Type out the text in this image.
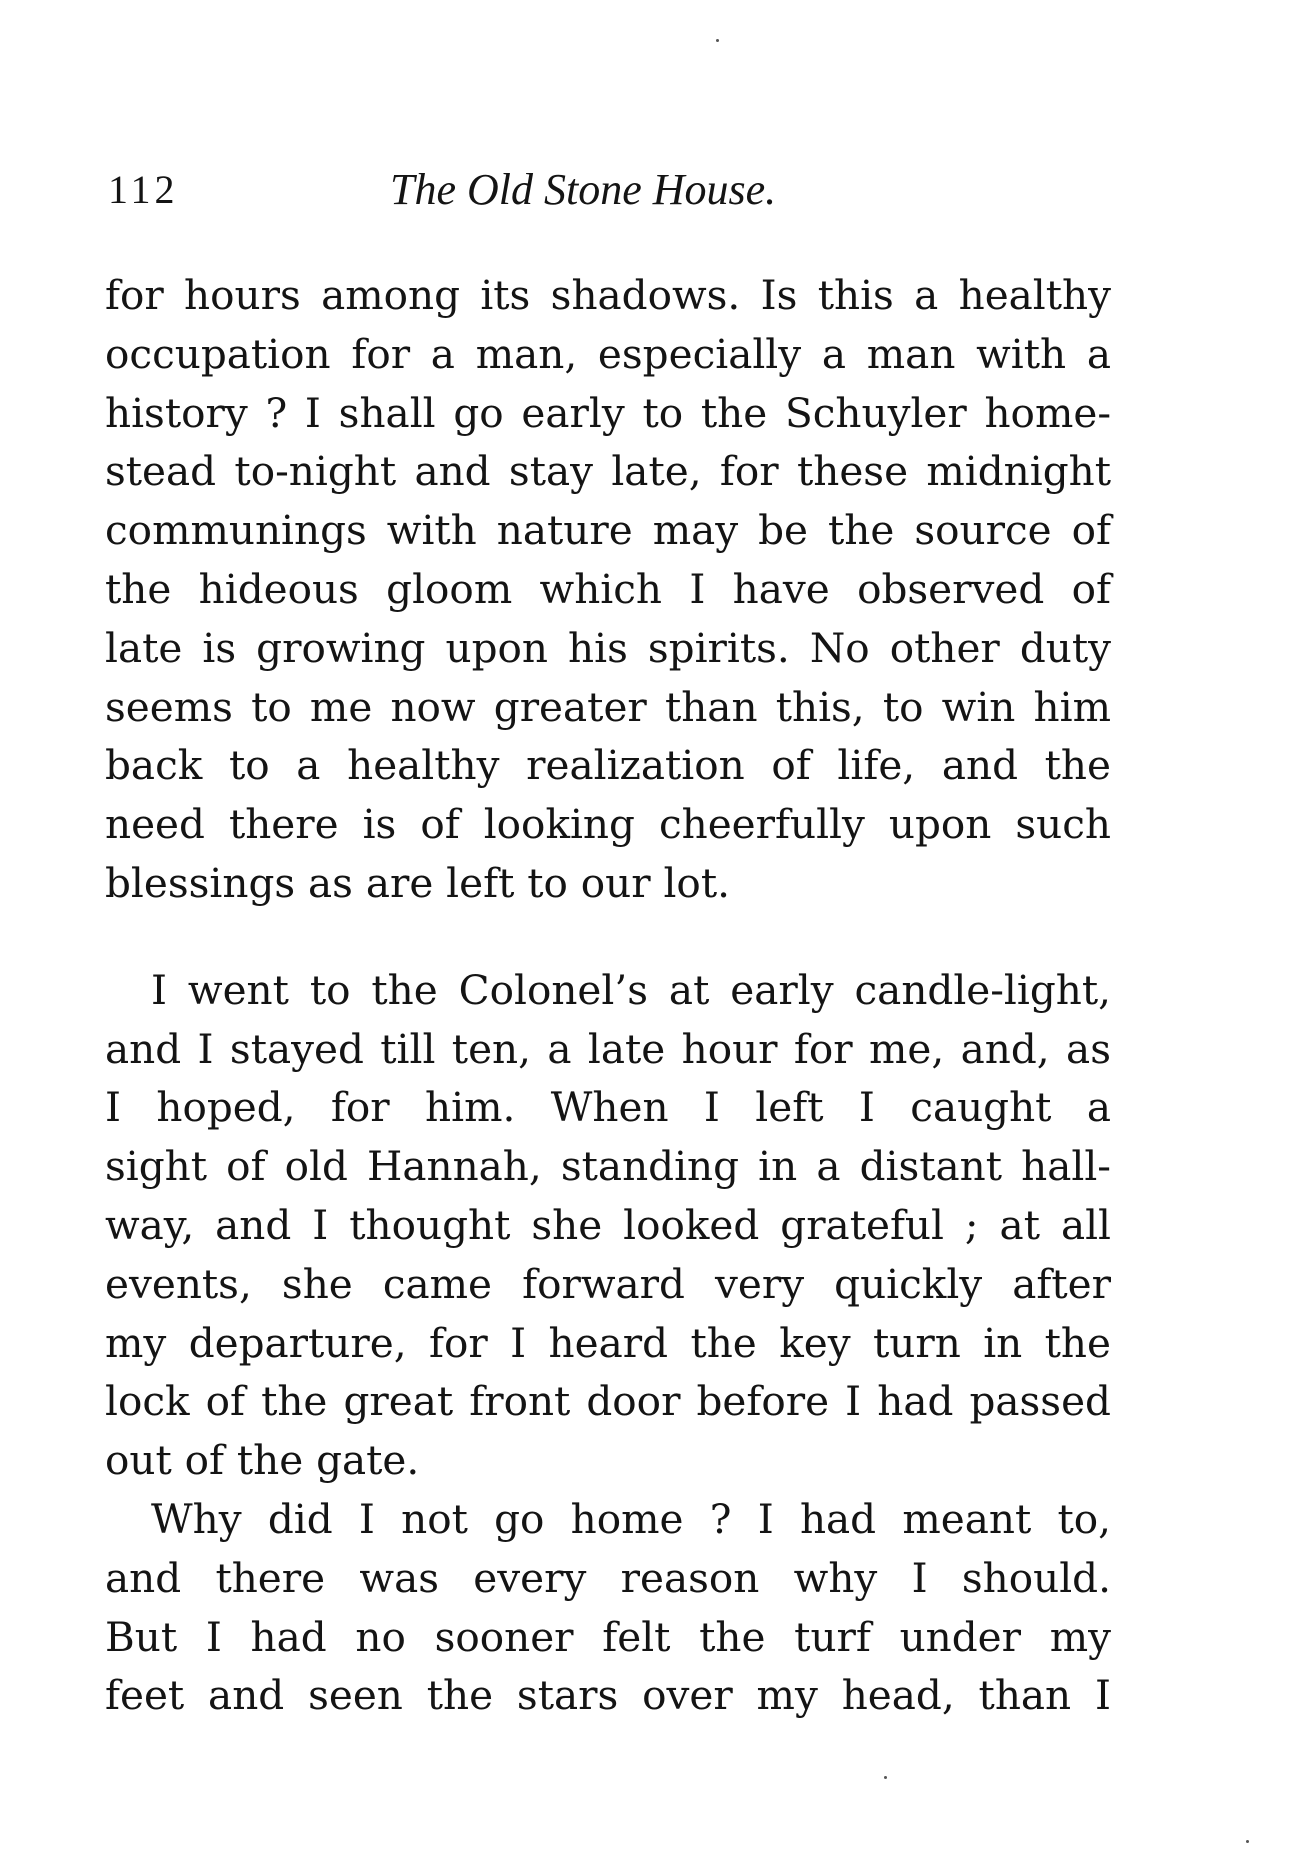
112	The Old Stone House.

for hours among its shadows. Is this a healthy
occupation for a man, especially a man with a
history ? I shall go early to the Schuyler home-
stead to-night and stay late, for these midnight
communings with nature may be the source of
the hideous gloom which I have observed of
late is growing upon his spirits. No other duty
seems to me now greater than this, to win him
back to a healthy realization of life, and the
need there is of looking cheerfully upon such
blessings as are left to our lot.

I went to the Colonel’s at early candle-light,
and I stayed till ten, a late hour for me, and, as
I hoped, for him. When I left I caught a
sight of old Hannah, standing in a distant hall-
way, and I thought she looked grateful ; at all
events, she came forward very quickly after
my departure, for I heard the key turn in the
lock of the great front door before I had passed
out of the gate.

Why did I not go home ? I had meant to,
and there was every reason why I should.
But I had no sooner felt the turf under my
feet and seen the stars over my head, than I
